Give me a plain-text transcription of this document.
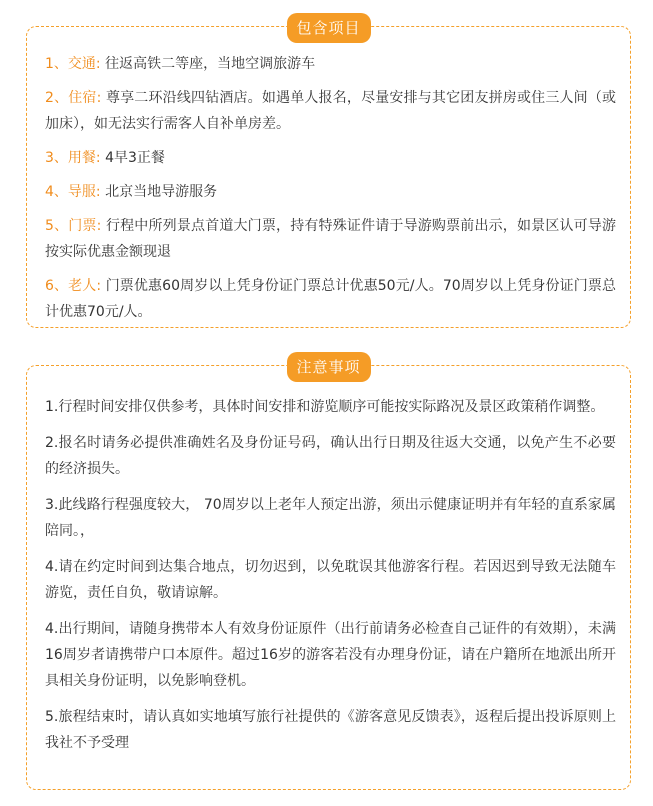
包含项目
1、交通: 往返高铁二等座，当地空调旅游车
2、住宿: 尊享二环沿线四钻酒店。如遇单人报名，尽量安排与其它团友拼房或住三人间（或加床），如无法实行需客人自补单房差。
3、用餐: 4早3正餐
4、导服: 北京当地导游服务
5、门票: 行程中所列景点首道大门票，持有特殊证件请于导游购票前出示，如景区认可导游按实际优惠金额现退
6、老人: 门票优惠60周岁以上凭身份证门票总计优惠50元/人。70周岁以上凭身份证门票总计优惠70元/人。
注意事项
1.行程时间安排仅供参考，具体时间安排和游览顺序可能按实际路况及景区政策稍作调整。
2.报名时请务必提供准确姓名及身份证号码，确认出行日期及往返大交通，以免产生不必要的经济损失。
3.此线路行程强度较大， 70周岁以上老年人预定出游，须出示健康证明并有年轻的直系家属陪同。，
4.请在约定时间到达集合地点，切勿迟到，以免耽误其他游客行程。若因迟到导致无法随车游览，责任自负，敬请谅解。
4.出行期间，请随身携带本人有效身份证原件（出行前请务必检查自己证件的有效期），未满16周岁者请携带户口本原件。超过16岁的游客若没有办理身份证，请在户籍所在地派出所开具相关身份证明，以免影响登机。
5.旅程结束时，请认真如实地填写旅行社提供的《游客意见反馈表》，返程后提出投诉原则上我社不予受理
